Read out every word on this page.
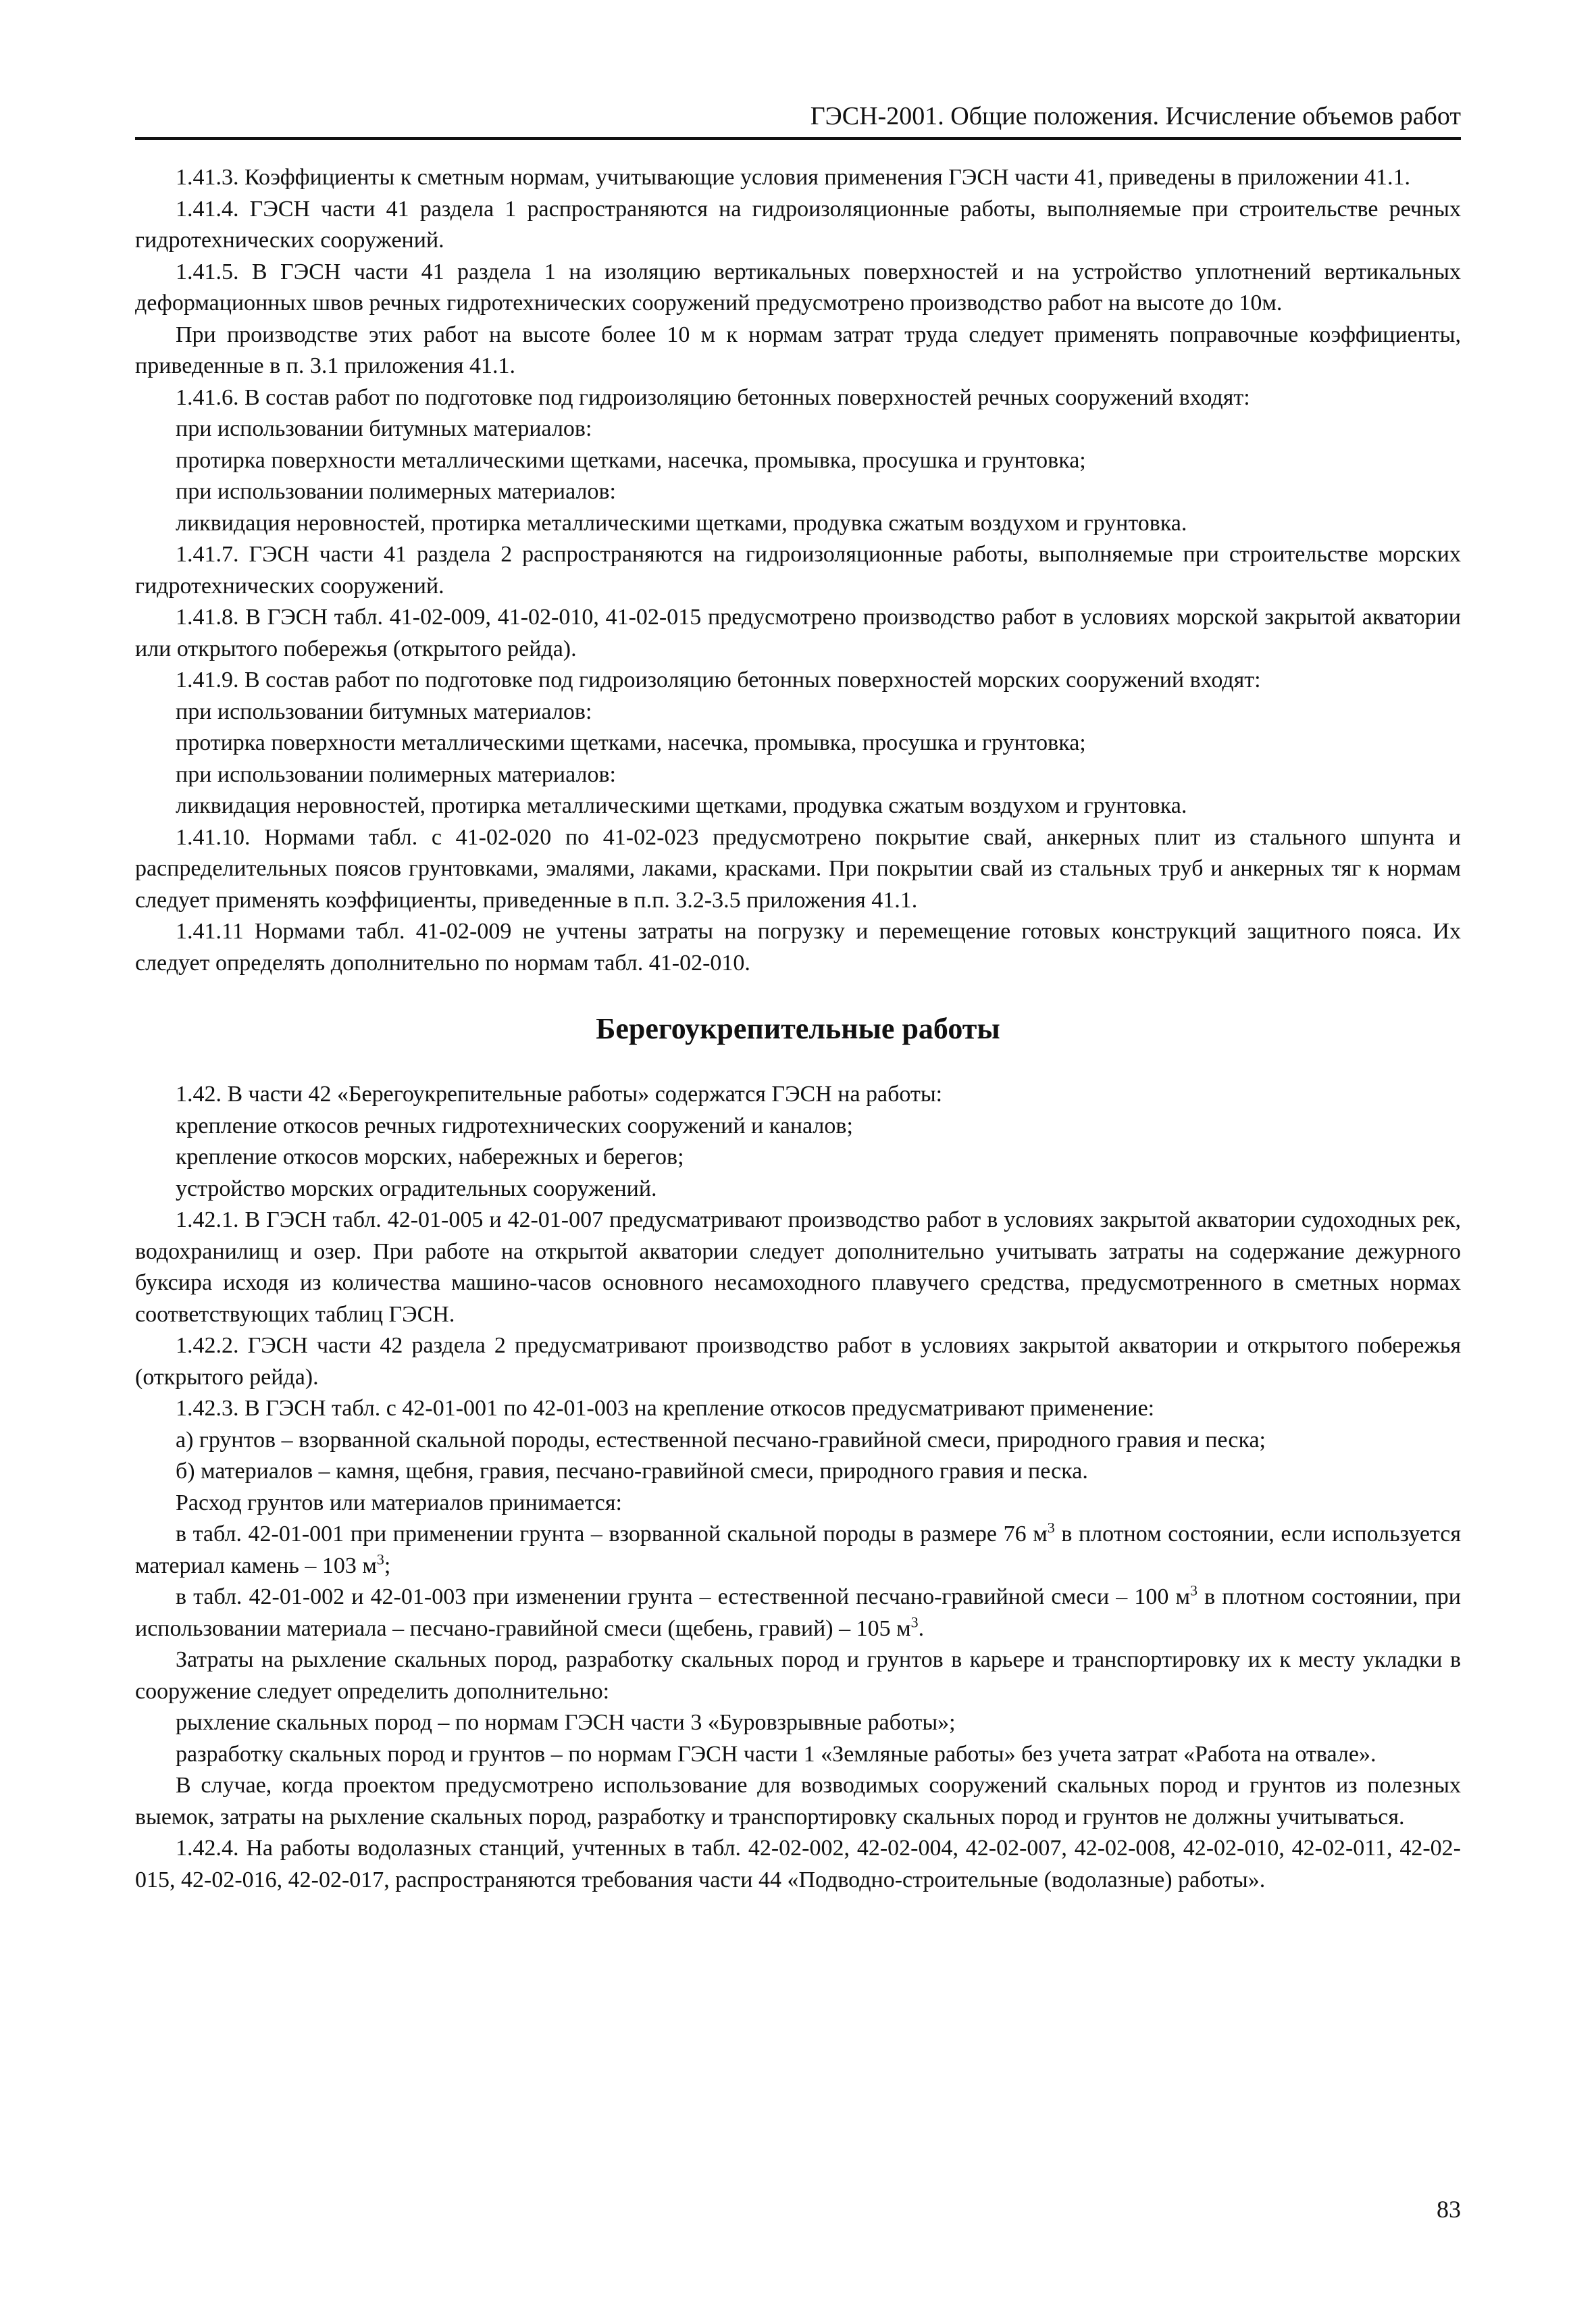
ГЭСН-2001. Общие положения. Исчисление объемов работ

1.41.3. Коэффициенты к сметным нормам, учитывающие условия применения ГЭСН части 41, приведены в приложении 41.1.

1.41.4. ГЭСН части 41 раздела 1 распространяются на гидроизоляционные работы, выполняемые при строительстве речных гидротехнических сооружений.

1.41.5. В ГЭСН части 41 раздела 1 на изоляцию вертикальных поверхностей и на устройство уплотнений вертикальных деформационных швов речных гидротехнических сооружений предусмотрено производство работ на высоте до 10м.

При производстве этих работ на высоте более 10 м к нормам затрат труда следует применять поправочные коэффициенты, приведенные в п. 3.1 приложения 41.1.

1.41.6. В состав работ по подготовке под гидроизоляцию бетонных поверхностей речных сооружений входят:

при использовании битумных материалов:

протирка поверхности металлическими щетками, насечка, промывка, просушка и грунтовка;

при использовании полимерных материалов:

ликвидация неровностей, протирка металлическими щетками, продувка сжатым воздухом и грунтовка.

1.41.7. ГЭСН части 41 раздела 2 распространяются на гидроизоляционные работы, выполняемые при строительстве морских гидротехнических сооружений.

1.41.8. В ГЭСН табл. 41-02-009, 41-02-010, 41-02-015 предусмотрено производство работ в условиях морской закрытой акватории или открытого побережья (открытого рейда).

1.41.9. В состав работ по подготовке под гидроизоляцию бетонных поверхностей морских сооружений входят:

при использовании битумных материалов:

протирка поверхности металлическими щетками, насечка, промывка, просушка и грунтовка;

при использовании полимерных материалов:

ликвидация неровностей, протирка металлическими щетками, продувка сжатым воздухом и грунтовка.

1.41.10. Нормами табл. с 41-02-020 по 41-02-023 предусмотрено покрытие свай, анкерных плит из стального шпунта и распределительных поясов грунтовками, эмалями, лаками, красками. При покрытии свай из стальных труб и анкерных тяг к нормам следует применять коэффициенты, приведенные в п.п. 3.2-3.5 приложения 41.1.

1.41.11 Нормами табл. 41-02-009 не учтены затраты на погрузку и перемещение готовых конструкций защитного пояса. Их следует определять дополнительно по нормам табл. 41-02-010.

Берегоукрепительные работы

1.42. В части 42 «Берегоукрепительные работы» содержатся ГЭСН на работы:

крепление откосов речных гидротехнических сооружений и каналов;

крепление откосов морских, набережных и берегов;

устройство морских оградительных сооружений.

1.42.1. В ГЭСН табл. 42-01-005 и 42-01-007 предусматривают производство работ в условиях закрытой акватории судоходных рек, водохранилищ и озер. При работе на открытой акватории следует дополнительно учитывать затраты на содержание дежурного буксира исходя из количества машино-часов основного несамоходного плавучего средства, предусмотренного в сметных нормах соответствующих таблиц ГЭСН.

1.42.2. ГЭСН части 42 раздела 2 предусматривают производство работ в условиях закрытой акватории и открытого побережья (открытого рейда).

1.42.3. В ГЭСН табл. с 42-01-001 по 42-01-003 на крепление откосов предусматривают применение:

а) грунтов – взорванной скальной породы, естественной песчано-гравийной смеси, природного гравия и песка;

б) материалов – камня, щебня, гравия, песчано-гравийной смеси, природного гравия и песка.

Расход грунтов или материалов принимается:

в табл. 42-01-001 при применении грунта – взорванной скальной породы в размере 76 $м^3$ в плотном состоянии, если используется материал камень – 103 $м^3$;

в табл. 42-01-002 и 42-01-003 при изменении грунта – естественной песчано-гравийной смеси – 100 $м^3$ в плотном состоянии, при использовании материала – песчано-гравийной смеси (щебень, гравий) – 105 $м^3$.

Затраты на рыхление скальных пород, разработку скальных пород и грунтов в карьере и транспортировку их к месту укладки в сооружение следует определить дополнительно:

рыхление скальных пород – по нормам ГЭСН части 3 «Буровзрывные работы»;

разработку скальных пород и грунтов – по нормам ГЭСН части 1 «Земляные работы» без учета затрат «Работа на отвале».

В случае, когда проектом предусмотрено использование для возводимых сооружений скальных пород и грунтов из полезных выемок, затраты на рыхление скальных пород, разработку и транспортировку скальных пород и грунтов не должны учитываться.

1.42.4. На работы водолазных станций, учтенных в табл. 42-02-002, 42-02-004, 42-02-007, 42-02-008, 42-02-010, 42-02-011, 42-02-015, 42-02-016, 42-02-017, распространяются требования части 44 «Подводно-строительные (водолазные) работы».

83
